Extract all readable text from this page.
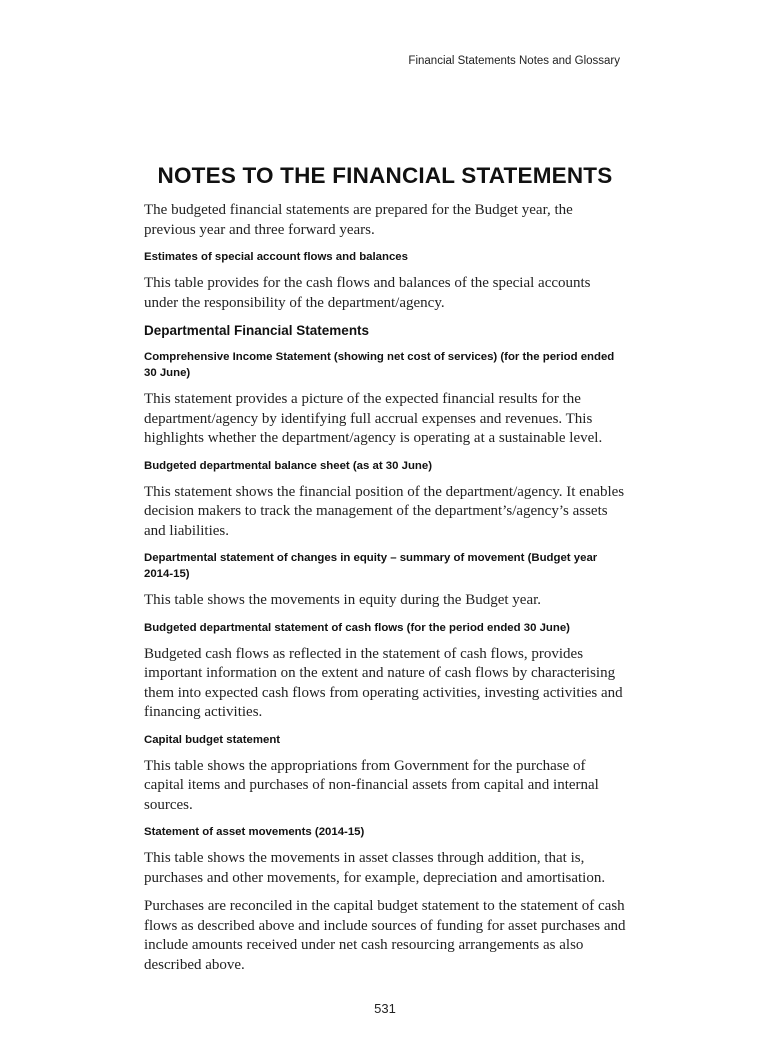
Financial Statements Notes and Glossary
NOTES TO THE FINANCIAL STATEMENTS

The budgeted financial statements are prepared for the Budget year, the previous year and three forward years.

Estimates of special account flows and balances

This table provides for the cash flows and balances of the special accounts under the responsibility of the department/agency.

Departmental Financial Statements
Comprehensive Income Statement (showing net cost of services) (for the period ended 30 June)

This statement provides a picture of the expected financial results for the department/agency by identifying full accrual expenses and revenues. This highlights whether the department/agency is operating at a sustainable level.

Budgeted departmental balance sheet (as at 30 June)

This statement shows the financial position of the department/agency. It enables decision makers to track the management of the department’s/agency’s assets and liabilities.

Departmental statement of changes in equity – summary of movement (Budget year 2014-15)

This table shows the movements in equity during the Budget year.

Budgeted departmental statement of cash flows (for the period ended 30 June)

Budgeted cash flows as reflected in the statement of cash flows, provides important information on the extent and nature of cash flows by characterising them into expected cash flows from operating activities, investing activities and financing activities.

Capital budget statement

This table shows the appropriations from Government for the purchase of capital items and purchases of non-financial assets from capital and internal sources.

Statement of asset movements (2014-15)

This table shows the movements in asset classes through addition, that is, purchases and other movements, for example, depreciation and amortisation.

Purchases are reconciled in the capital budget statement to the statement of cash flows as described above and include sources of funding for asset purchases and include amounts received under net cash resourcing arrangements as also described above.

531
